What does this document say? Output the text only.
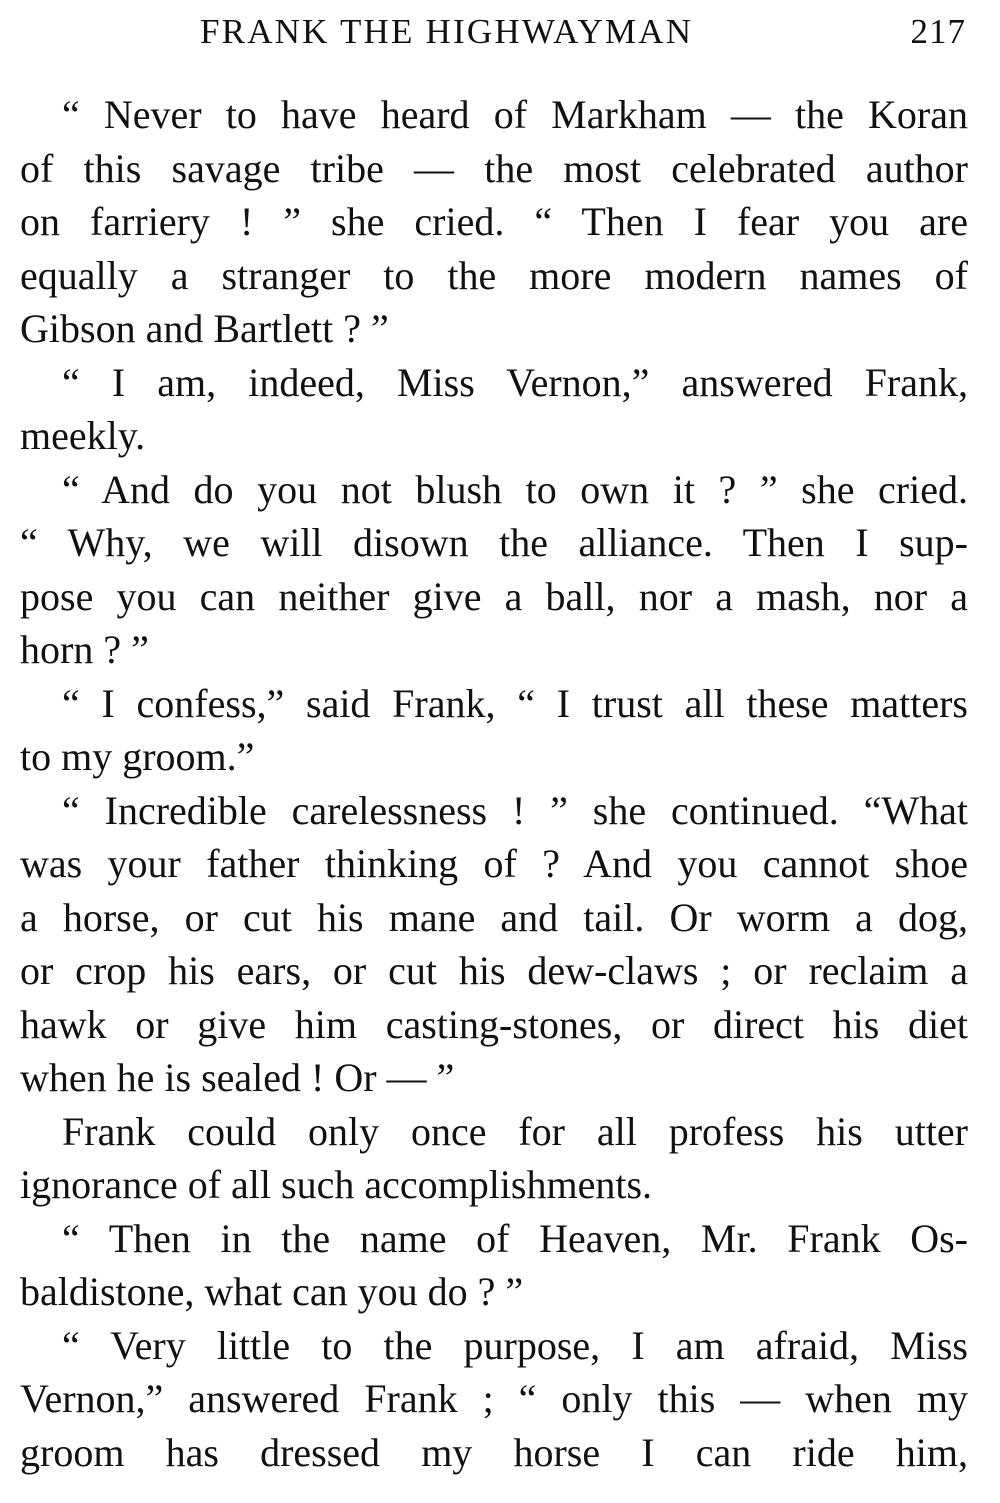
FRANK THE HIGHWAYMAN	217
“ Never to have heard of Markham — the Koran
of this savage tribe — the most celebrated author
on farriery ! ” she cried. “ Then I fear you are
equally a stranger to the more modern names of
Gibson and Bartlett ? ”
“ I am, indeed, Miss Vernon,” answered Frank,
meekly.
“ And do you not blush to own it ? ” she cried.
“ Why, we will disown the alliance. Then I sup-
pose you can neither give a ball, nor a mash, nor a
horn ? ”
“ I confess,” said Frank, “ I trust all these matters
to my groom.”
“ Incredible carelessness ! ” she continued. “What
was your father thinking of ? And you cannot shoe
a horse, or cut his mane and tail. Or worm a dog,
or crop his ears, or cut his dew-claws ; or reclaim a
hawk or give him casting-stones, or direct his diet
when he is sealed ! Or — ”
Frank could only once for all profess his utter
ignorance of all such accomplishments.
“ Then in the name of Heaven, Mr. Frank Os-
baldistone, what can you do ? ”
“ Very little to the purpose, I am afraid, Miss
Vernon,” answered Frank ; “ only this — when my
groom has dressed my horse I can ride him,
